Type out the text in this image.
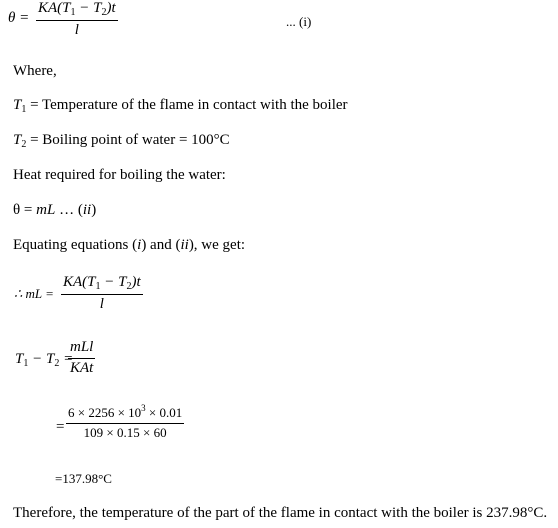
θ =
$KA(T_1 - T_2)t$
l
... (i)
Where,
$T_1$ = Temperature of the flame in contact with the boiler
$T_2$ = Boiling point of water = 100°C
Heat required for boiling the water:
θ = mL … (ii)
Equating equations (i) and (ii), we get:
∴ mL =
$KA(T_1 - T_2)t$
l
$T_1 - T_2$ =
mLl
KAt
=
$6 \times 2256 \times 10^3 \times 0.01$
109 × 0.15 × 60
=137.98°C
Therefore, the temperature of the part of the flame in contact with the boiler is 237.98°C.
